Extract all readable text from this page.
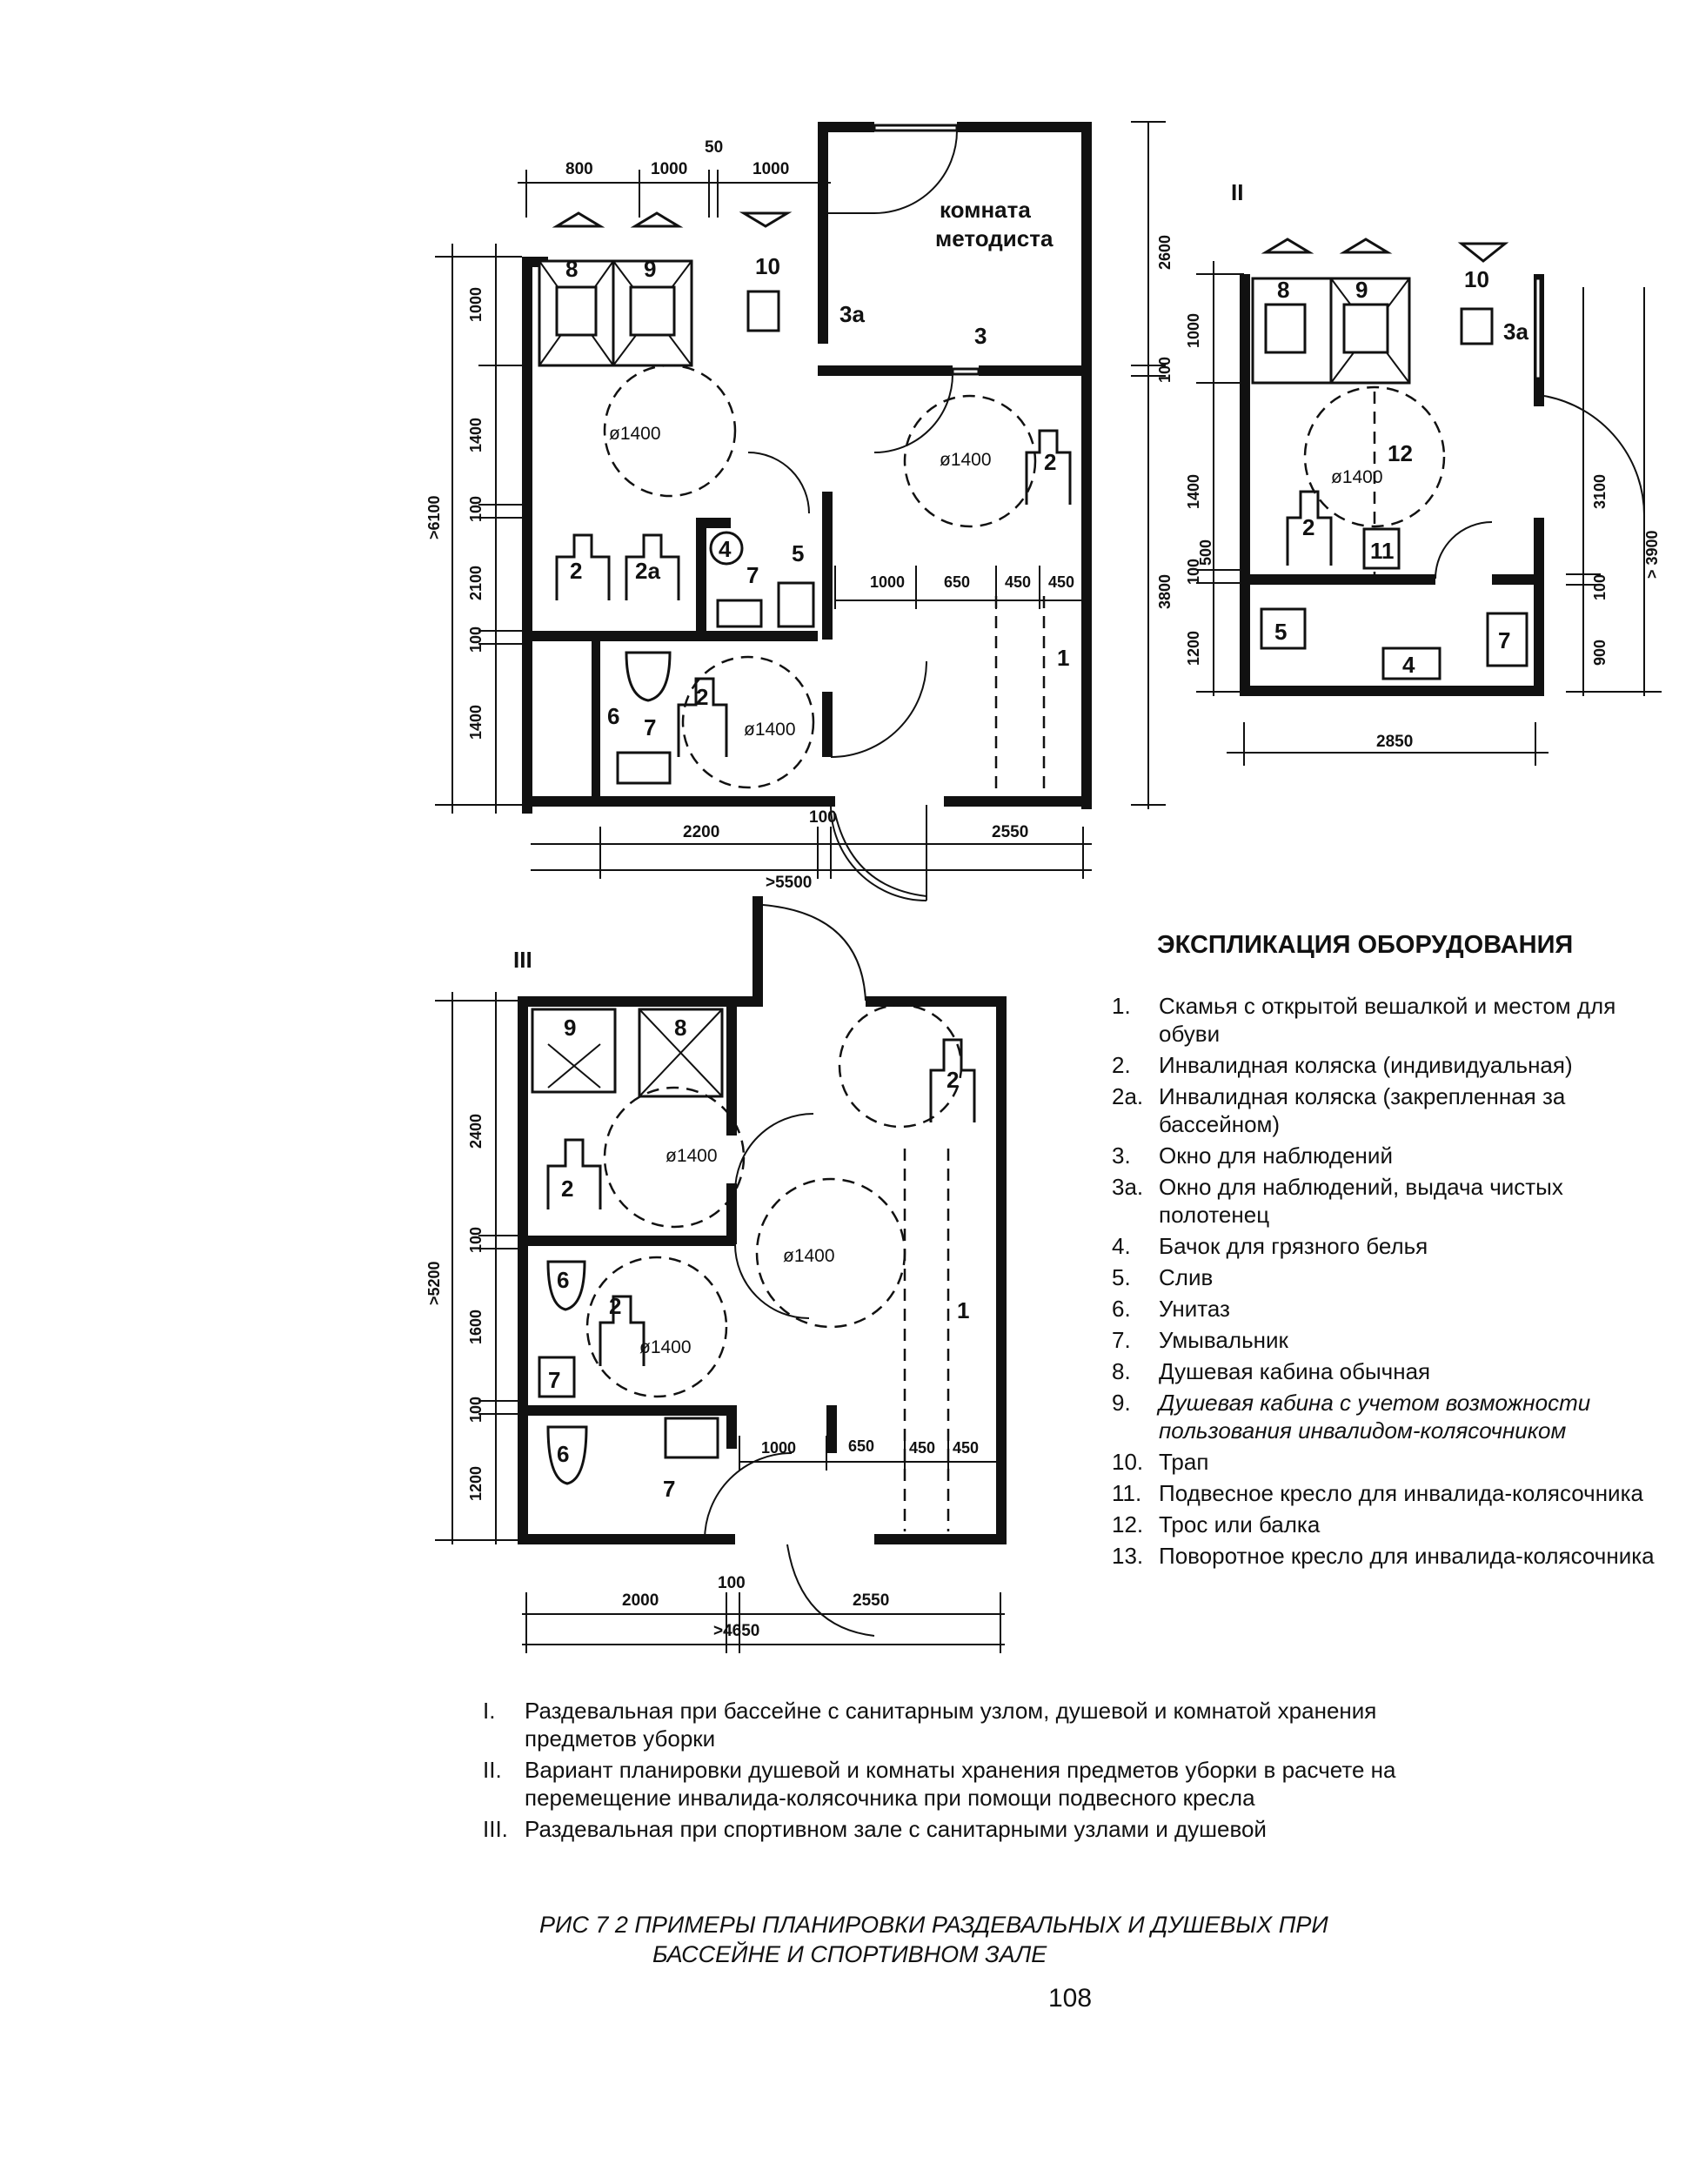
800	1000
50
1000
комната
методиста
8	9	10
3a
3
ø1400
ø1400
ø1400
2 2a
2
2
4
7
5
1
6 7
1000 650 450 450
1000
1400
100
2100
100
1400
>6100
2600
100
3800
2200
100
2550
>5500
II
8	9	10
3a
ø1400
12
2
11
5
4
7
1000
1400
100
500
1200
3100
100
900
> 3900
2850
III
9	8
ø1400
ø1400
ø1400
2
2
2
6
7
6
7
1
1000	650 450 450
2400
100
1600
100
1200
>5200
2000
100
2550
>4650
ЭКСПЛИКАЦИЯ ОБОРУДОВАНИЯ
1.	Скамья с открытой вешалкой и местом для обуви
2.	Инвалидная коляска (индивидуальная)
2а. Инвалидная коляска (закрепленная за бассейном)
3.	Окно для наблюдений
3а. Окно для наблюдений, выдача чистых полотенец
4.	Бачок для грязного белья
5.	Слив
6.	Унитаз
7.	Умывальник
8.	Душевая кабина обычная
9.	Душевая кабина с учетом возможности пользования инвалидом-колясочником
10. Трап
11. Подвесное кресло для инвалида-колясочника
12. Трос или балка
13. Поворотное кресло для инвалида-колясочника
I.	Раздевальная при бассейне с санитарным узлом, душевой и комнатой хранения предметов уборки
II.	Вариант планировки душевой и комнаты хранения предметов уборки в расчете на перемещение инвалида-колясочника при помощи подвесного кресла
III. Раздевальная при спортивном зале с санитарными узлами и душевой
РИС 7 2 ПРИМЕРЫ ПЛАНИРОВКИ РАЗДЕВАЛЬНЫХ И ДУШЕВЫХ ПРИ
БАССЕЙНЕ И СПОРТИВНОМ ЗАЛЕ
108
